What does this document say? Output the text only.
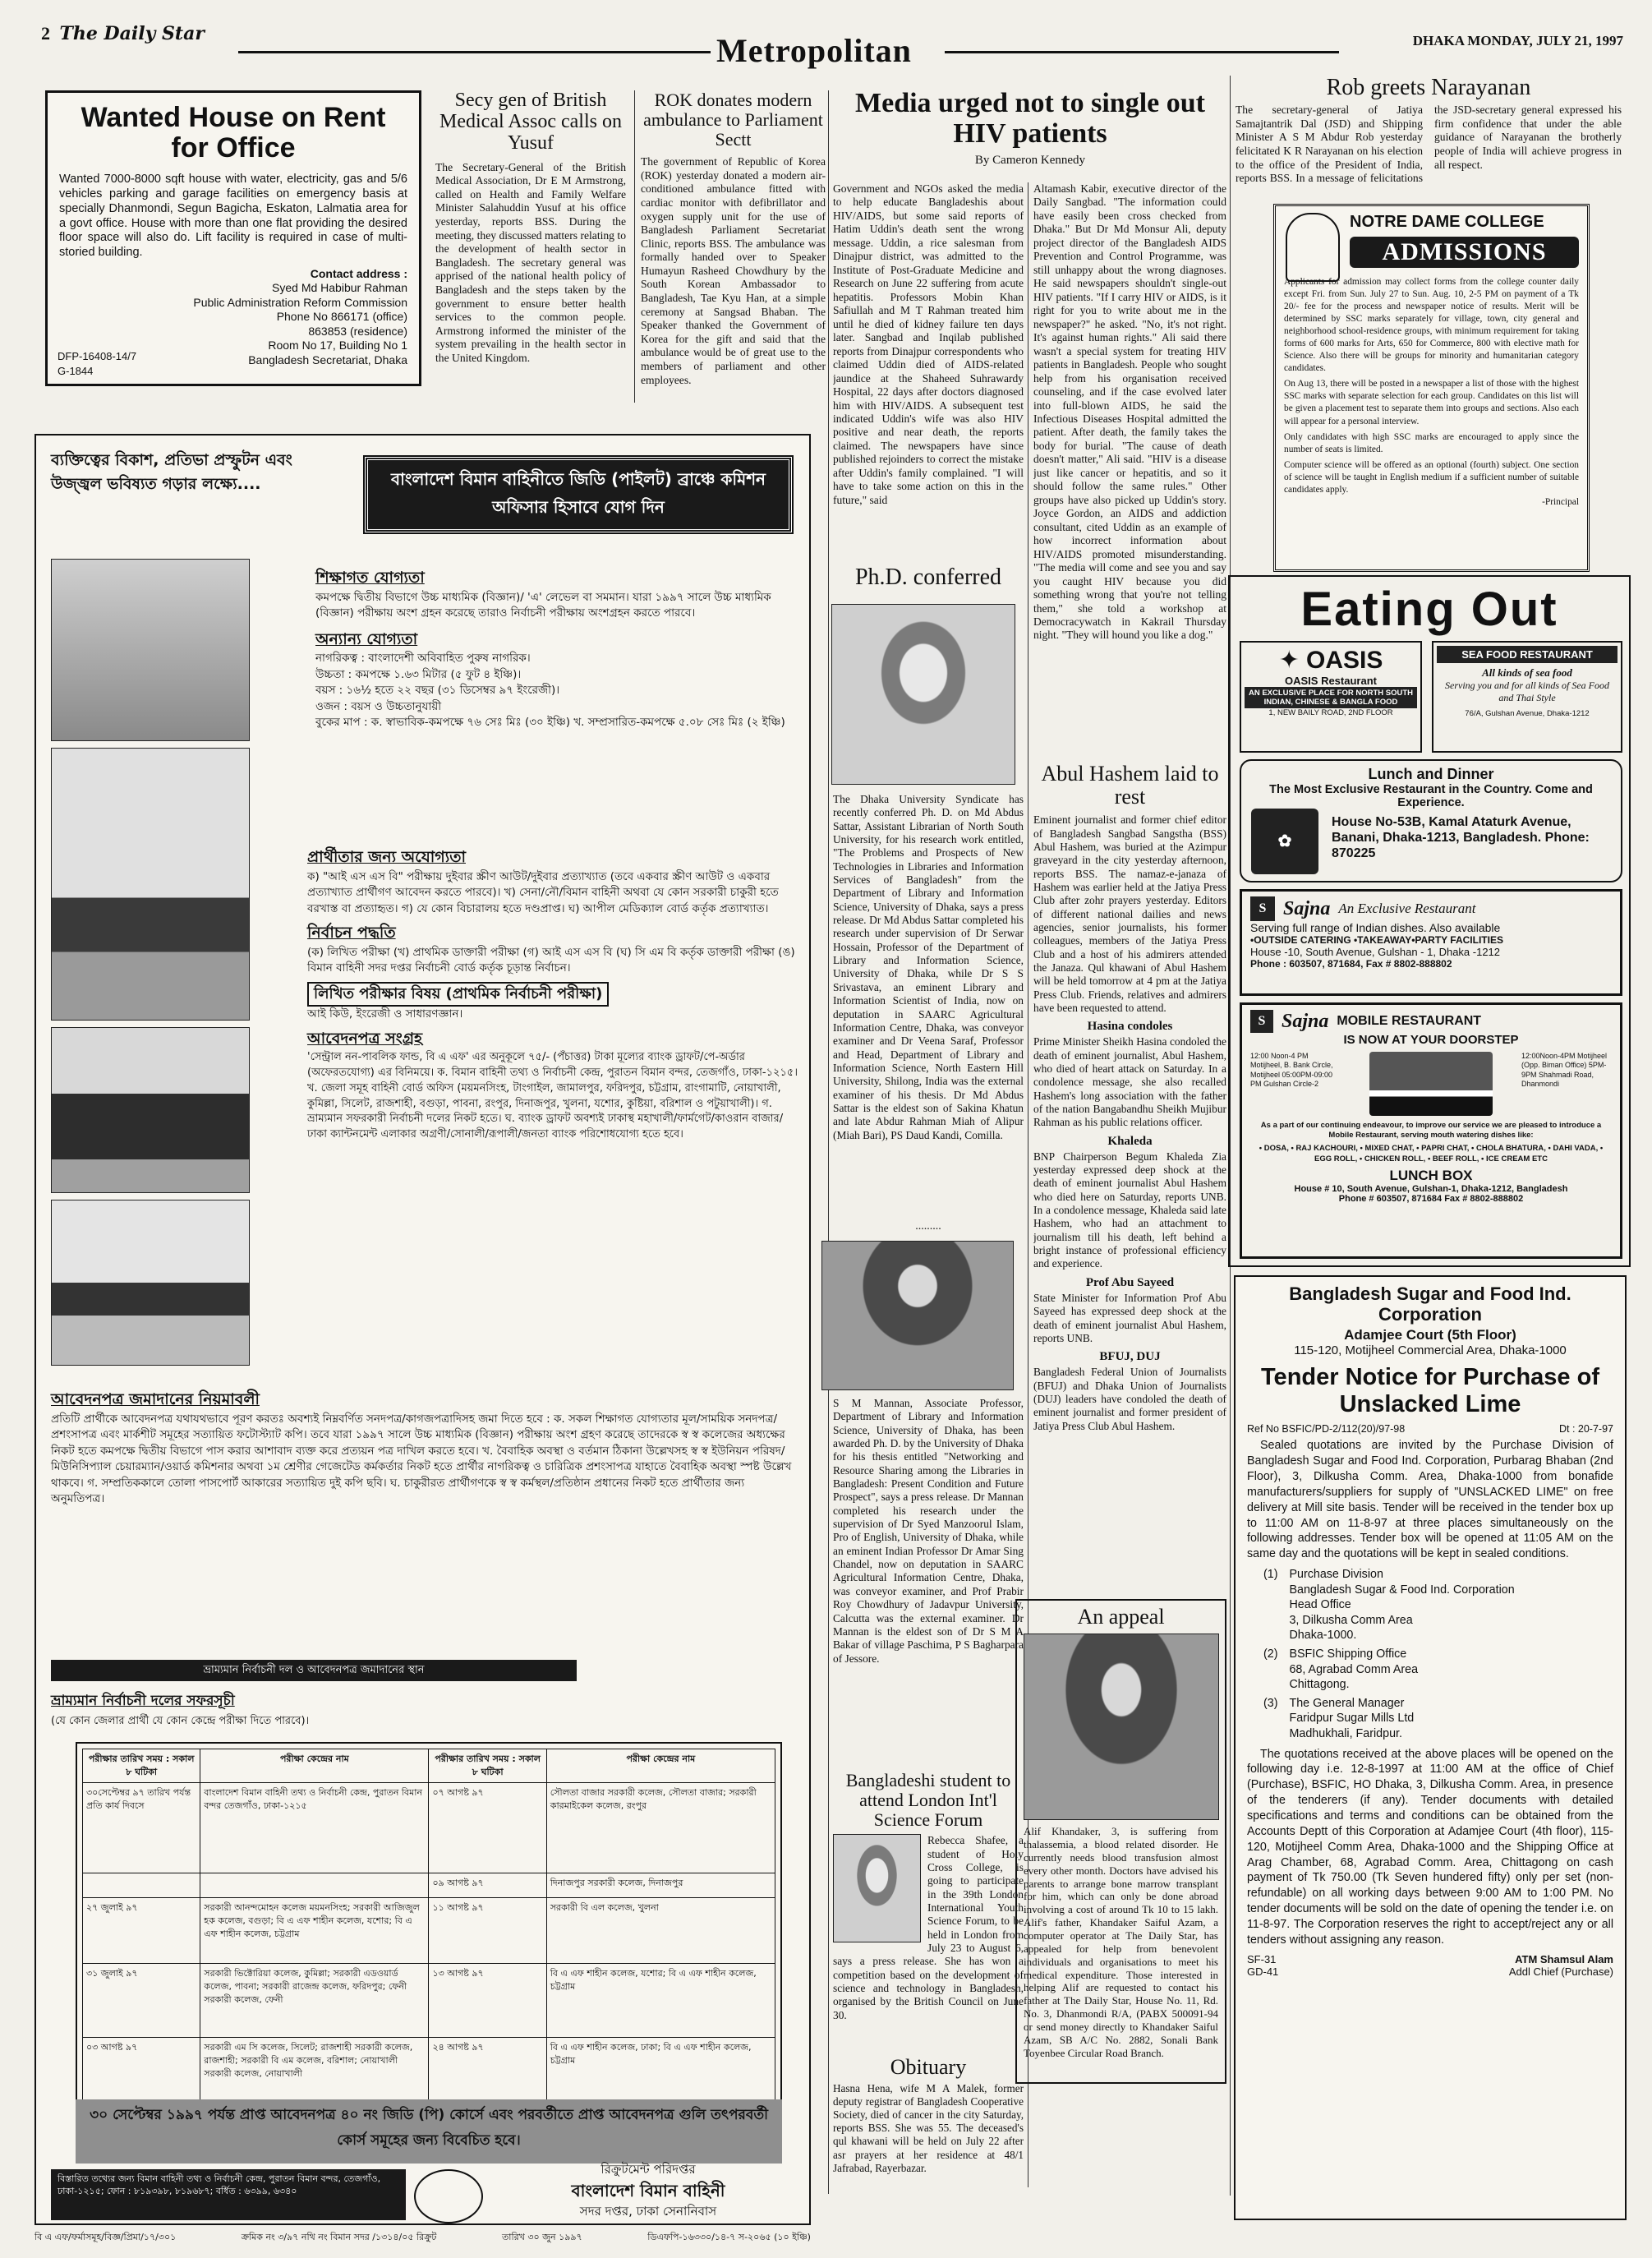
2 The Daily Star	Metropolitan	DHAKA MONDAY, JULY 21, 1997
Wanted House on Rent for Office
Wanted 7000-8000 sqft house with water, electricity, gas and 5/6 vehicles parking and garage facilities on emergency basis at specially Dhanmondi, Segun Bagicha, Eskaton, Lalmatia area for a govt office. House with more than one flat providing the desired floor space will also do. Lift facility is required in case of multi-storied building.
Contact address :
Syed Md Habibur Rahman
Public Administration Reform Commission
Phone No 866171 (office)
863853 (residence)
Room No 17, Building No 1
Bangladesh Secretariat, Dhaka
DFP-16408-14/7
G-1844
Secy gen of British Medical Assoc calls on Yusuf
The Secretary-General of the British Medical Association, Dr E M Armstrong, called on Health and Family Welfare Minister Salahuddin Yusuf at his office yesterday, reports BSS. During the meeting, they discussed matters relating to the development of health sector in Bangladesh. The secretary general was apprised of the national health policy of Bangladesh and the steps taken by the government to ensure better health services to the common people. Armstrong informed the minister of the system prevailing in the health sector in the United Kingdom.
ROK donates modern ambulance to Parliament Sectt
The government of Republic of Korea (ROK) yesterday donated a modern air-conditioned ambulance fitted with cardiac monitor with defibrillator and oxygen supply unit for the use of Bangladesh Parliament Secretariat Clinic, reports BSS. The ambulance was formally handed over to Speaker Humayun Rasheed Chowdhury by the South Korean Ambassador to Bangladesh, Tae Kyu Han, at a simple ceremony at Sangsad Bhaban. The Speaker thanked the Government of Korea for the gift and said that the ambulance would be of great use to the members of parliament and other employees.
Media urged not to single out HIV patients
By Cameron Kennedy
Government and NGOs asked the media to help educate Bangladeshis about HIV/AIDS, but some said reports of Hatim Uddin's death sent the wrong message. Uddin, a rice salesman from Dinajpur district, was admitted to the Institute of Post-Graduate Medicine and Research on June 22 suffering from acute hepatitis. Professors Mobin Khan Safiullah and M T Rahman treated him until he died of kidney failure ten days later. Sangbad and Inqilab published reports from Dinajpur correspondents who claimed Uddin died of AIDS-related jaundice at the Shaheed Suhrawardy Hospital, 22 days after doctors diagnosed him with HIV/AIDS. A subsequent test indicated Uddin's wife was also HIV positive and near death, the reports claimed. The newspapers have since published rejoinders to correct the mistake after Uddin's family complained. "I will have to take some action on this in the future," said
Altamash Kabir, executive director of the Daily Sangbad. "The information could have easily been cross checked from Dhaka." But Dr Md Monsur Ali, deputy project director of the Bangladesh AIDS Prevention and Control Programme, was still unhappy about the wrong diagnoses. He said newspapers shouldn't single-out HIV patients. "If I carry HIV or AIDS, is it right for you to write about me in the newspaper?" he asked. "No, it's not right. It's against human rights." Ali said there wasn't a special system for treating HIV patients in Bangladesh. People who sought help from his organisation received counseling, and if the case evolved later into full-blown AIDS, he said the Infectious Diseases Hospital admitted the patient. After death, the family takes the body for burial. "The cause of death doesn't matter," Ali said. "HIV is a disease just like cancer or hepatitis, and so it should follow the same rules." Other groups have also picked up Uddin's story. Joyce Gordon, an AIDS and addiction consultant, cited Uddin as an example of how incorrect information about HIV/AIDS promoted misunderstanding. "The media will come and see you and say you caught HIV because you did something wrong that you're not telling them," she told a workshop at Democracywatch in Kakrail Thursday night. "They will hound you like a dog."
Ph.D. conferred
The Dhaka University Syndicate has recently conferred Ph. D. on Md Abdus Sattar, Assistant Librarian of North South University, for his research work entitled, "The Problems and Prospects of New Technologies in Libraries and Information Services of Bangladesh" from the Department of Library and Information Science, University of Dhaka, says a press release. Dr Md Abdus Sattar completed his research under supervision of Dr Serwar Hossain, Professor of the Department of Library and Information Science, University of Dhaka, while Dr S S Srivastava, an eminent Library and Information Scientist of India, now on deputation in SAARC Agricultural Information Centre, Dhaka, was conveyor examiner and Dr Veena Saraf, Professor and Head, Department of Library and Information Science, North Eastern Hill University, Shilong, India was the external examiner of his thesis. Dr Md Abdus Sattar is the eldest son of Sakina Khatun and late Abdur Rahman Miah of Alipur (Miah Bari), PS Daud Kandi, Comilla.
.........
S M Mannan, Associate Professor, Department of Library and Information Science, University of Dhaka, has been awarded Ph. D. by the University of Dhaka for his thesis entitled "Networking and Resource Sharing among the Libraries in Bangladesh: Present Condition and Future Prospect", says a press release. Dr Mannan completed his research under the supervision of Dr Syed Manzoorul Islam, Pro of English, University of Dhaka, while an eminent Indian Professor Dr Amar Sing Chandel, now on deputation in SAARC Agricultural Information Centre, Dhaka, was conveyor examiner, and Prof Prabir Roy Chowdhury of Jadavpur University, Calcutta was the external examiner. Dr Mannan is the eldest son of Dr S M A Bakar of village Paschima, P S Bagharpara of Jessore.
Bangladeshi student to attend London Int'l Science Forum
Rebecca Shafee, a student of Holy Cross College, is going to participate in the 39th London International Youth Science Forum, to be held in London from July 23 to August 6, says a press release. She has won a competition based on the development of science and technology in Bangladesh, organised by the British Council on June 30.
Abul Hashem laid to rest
Eminent journalist and former chief editor of Bangladesh Sangbad Sangstha (BSS) Abul Hashem, was buried at the Azimpur graveyard in the city yesterday afternoon, reports BSS. The namaz-e-janaza of Hashem was earlier held at the Jatiya Press Club after zohr prayers yesterday. Editors of different national dailies and news agencies, senior journalists, his former colleagues, members of the Jatiya Press Club and a host of his admirers attended the Janaza. Qul khawani of Abul Hashem will be held tomorrow at 4 pm at the Jatiya Press Club. Friends, relatives and admirers have been requested to attend.
Hasina condoles
Prime Minister Sheikh Hasina condoled the death of eminent journalist, Abul Hashem, who died of heart attack on Saturday. In a condolence message, she also recalled Hashem's long association with the father of the nation Bangabandhu Sheikh Mujibur Rahman as his public relations officer.
Khaleda
BNP Chairperson Begum Khaleda Zia yesterday expressed deep shock at the death of eminent journalist Abul Hashem who died here on Saturday, reports UNB. In a condolence message, Khaleda said late Hashem, who had an attachment to journalism till his death, left behind a bright instance of professional efficiency and experience.
Prof Abu Sayeed
State Minister for Information Prof Abu Sayeed has expressed deep shock at the death of eminent journalist Abul Hashem, reports UNB.
BFUJ, DUJ
Bangladesh Federal Union of Journalists (BFUJ) and Dhaka Union of Journalists (DUJ) leaders have condoled the death of eminent journalist and former president of Jatiya Press Club Abul Hashem.
An appeal
Alif Khandaker, 3, is suffering from thalassemia, a blood related disorder. He currently needs blood transfusion almost every other month. Doctors have advised his parents to arrange bone marrow transplant for him, which can only be done abroad involving a cost of around Tk 10 to 15 lakh. Alif's father, Khandaker Saiful Azam, a computer operator at The Daily Star, has appealed for help from benevolent individuals and organisations to meet his medical expenditure. Those interested in helping Alif are requested to contact his father at The Daily Star, House No. 11, Rd. No. 3, Dhanmondi R/A, (PABX 500091-94 or send money directly to Khandaker Saiful Azam, SB A/C No. 2882, Sonali Bank Toyenbee Circular Road Branch.
Obituary
Hasna Hena, wife M A Malek, former deputy registrar of Bangladesh Cooperative Society, died of cancer in the city Saturday, reports BSS. She was 55. The deceased's qul khawani will be held on July 22 after asr prayers at her residence at 48/1 Jafrabad, Rayerbazar.
Rob greets Narayanan
The secretary-general of Jatiya Samajtantrik Dal (JSD) and Shipping Minister A S M Abdur Rob yesterday felicitated K R Narayanan on his election to the office of the President of India, reports BSS. In a message of felicitations the JSD-secretary general expressed his firm confidence that under the able guidance of Narayanan the brotherly people of India will achieve progress in all respect.
NOTRE DAME COLLEGE
ADMISSIONS

Applicants for admission may collect forms from the college counter daily except Fri. from Sun. July 27 to Sun. Aug. 10, 2-5 PM on payment of a Tk 20/- fee for the process and newspaper notice of results. Merit will be determined by SSC marks separately for village, town, city general and neighborhood school-residence groups, with minimum requirement for taking forms of 600 marks for Arts, 650 for Commerce, 800 with elective math for Science. Also there will be groups for minority and humanitarian category candidates.

On Aug 13, there will be posted in a newspaper a list of those with the highest SSC marks with separate selection for each group. Candidates on this list will be given a placement test to separate them into groups and sections. Also each will appear for a personal interview.

Only candidates with high SSC marks are encouraged to apply since the number of seats is limited.

Computer science will be offered as an optional (fourth) subject. One section of science will be taught in English medium if a sufficient number of suitable candidates apply.

-Principal
Eating Out
✦ OASIS
OASIS Restaurant
AN EXCLUSIVE PLACE FOR NORTH SOUTH INDIAN, CHINESE & BANGLA FOOD
1, NEW BAILY ROAD, 2ND FLOOR
SEA FOOD RESTAURANT
All kinds of sea food
Serving you and for all kinds of Sea Food and Thai Style
76/A, Gulshan Avenue, Dhaka-1212
Lunch and Dinner
The Most Exclusive Restaurant in the Country. Come and Experience.
✿
House No-53B, Kamal Ataturk Avenue, Banani, Dhaka-1213, Bangladesh. Phone: 870225
S Sajna An Exclusive Restaurant
Serving full range of Indian dishes. Also available
•OUTSIDE CATERING •TAKEAWAY•PARTY FACILITIES
House -10, South Avenue, Gulshan - 1, Dhaka -1212
Phone : 603507, 871684, Fax # 8802-888802
S Sajna MOBILE RESTAURANT
IS NOW AT YOUR DOORSTEP
12:00 Noon-4 PM Motijheel, B. Bank Circle, Motijheel 05:00PM-09:00 PM Gulshan Circle-2
12:00Noon-4PM Motijheel (Opp. Biman Office) 5PM-9PM Shahmadi Road, Dhanmondi
As a part of our continuing endeavour, to improve our service we are pleased to introduce a Mobile Restaurant, serving mouth watering dishes like:
• DOSA, • RAJ KACHOURI, • MIXED CHAT, • PAPRI CHAT, • CHOLA BHATURA, • DAHI VADA, • EGG ROLL, • CHICKEN ROLL, • BEEF ROLL, • ICE CREAM ETC
LUNCH BOX
House # 10, South Avenue, Gulshan-1, Dhaka-1212, Bangladesh
Phone # 603507, 871684 Fax # 8802-888802
Bangladesh Sugar and Food Ind. Corporation
Adamjee Court (5th Floor)
115-120, Motijheel Commercial Area, Dhaka-1000
Tender Notice for Purchase of Unslacked Lime
Ref No BSFIC/PD-2/112(20)/97-98	Dt : 20-7-97
Sealed quotations are invited by the Purchase Division of Bangladesh Sugar and Food Ind. Corporation, Purbarag Bhaban (2nd Floor), 3, Dilkusha Comm. Area, Dhaka-1000 from bonafide manufacturers/suppliers for supply of "UNSLACKED LIME" on free delivery at Mill site basis. Tender will be received in the tender box up to 11:00 AM on 11-8-97 at three places simultaneously on the following addresses. Tender box will be opened at 11:05 AM on the same day and the quotations will be kept in sealed conditions.
(1) Purchase Division
Bangladesh Sugar & Food Ind. Corporation
Head Office
3, Dilkusha Comm Area
Dhaka-1000.
(2) BSFIC Shipping Office
68, Agrabad Comm Area
Chittagong.
(3) The General Manager
Faridpur Sugar Mills Ltd
Madhukhali, Faridpur.
The quotations received at the above places will be opened on the following day i.e. 12-8-1997 at 11:00 AM at the office of Chief (Purchase), BSFIC, HO Dhaka, 3, Dilkusha Comm. Area, in presence of the tenderers (if any). Tender documents with detailed specifications and terms and conditions can be obtained from the Accounts Deptt of this Corporation at Adamjee Court (4th floor), 115-120, Motijheel Comm Area, Dhaka-1000 and the Shipping Office at Arag Chamber, 68, Agrabad Comm. Area, Chittagong on cash payment of Tk 750.00 (Tk Seven hundered fifty) only per set (non-refundable) on all working days between 9:00 AM to 1:00 PM. No tender documents will be sold on the date of opening the tender i.e. on 11-8-97. The Corporation reserves the right to accept/reject any or all tenders without assigning any reason.
SF-31
GD-41
ATM Shamsul Alam
Addl Chief (Purchase)
ব্যক্তিত্বের বিকাশ, প্রতিভা প্রস্ফুটন এবং উজ্জ্বল ভবিষ্যত গড়ার লক্ষ্যে....	বাংলাদেশ বিমান বাহিনীতে জিডি (পাইলট) ব্রাঞ্চে কমিশন অফিসার হিসাবে যোগ দিন
শিক্ষাগত যোগ্যতা
কমপক্ষে দ্বিতীয় বিভাগে উচ্চ মাধ্যমিক (বিজ্ঞান)/ 'এ' লেভেল বা সমমান। যারা ১৯৯৭ সালে উচ্চ মাধ্যমিক (বিজ্ঞান) পরীক্ষায় অংশ গ্রহন করেছে তারাও নির্বাচনী পরীক্ষায় অংশগ্রহন করতে পারবে।
অন্যান্য যোগ্যতা
নাগরিকত্ব : বাংলাদেশী অবিবাহিত পুরুষ নাগরিক।
উচ্চতা : কমপক্ষে ১.৬৩ মিটার (৫ ফুট ৪ ইঞ্চি)।
বয়স : ১৬½ হতে ২২ বছর (৩১ ডিসেম্বর ৯৭ ইংরেজী)।
ওজন : বয়স ও উচ্চতানুযায়ী
বুকের মাপ : ক. স্বাভাবিক-কমপক্ষে ৭৬ সেঃ মিঃ (৩০ ইঞ্চি) খ. সম্প্রসারিত-কমপক্ষে ৫.০৮ সেঃ মিঃ (২ ইঞ্চি)
প্রার্থীতার জন্য অযোগ্যতা
ক) "আই এস এস বি" পরীক্ষায় দুইবার স্ক্রীণ আউট/দুইবার প্রত্যাখ্যাত (তবে একবার স্ক্রীণ আউট ও একবার প্রত্যাখ্যাত প্রার্থীগণ আবেদন করতে পারবে)। খ) সেনা/নৌ/বিমান বাহিনী অথবা যে কোন সরকারী চাকুরী হতে বরখাস্ত বা প্রত্যাহৃত। গ) যে কোন বিচারালয় হতে দণ্ডপ্রাপ্ত। ঘ) আপীল মেডিক্যাল বোর্ড কর্তৃক প্রত্যাখ্যাত।
নির্বাচন পদ্ধতি
(ক) লিখিত পরীক্ষা (খ) প্রাথমিক ডাক্তারী পরীক্ষা (গ) আই এস এস বি (ঘ) সি এম বি কর্তৃক ডাক্তারী পরীক্ষা (ঙ) বিমান বাহিনী সদর দপ্তর নির্বাচনী বোর্ড কর্তৃক চূড়ান্ত নির্বাচন।
লিখিত পরীক্ষার বিষয় (প্রাথমিক নির্বাচনী পরীক্ষা)
আই কিউ, ইংরেজী ও সাধারণজ্ঞান।
আবেদনপত্র সংগ্রহ
'সেন্ট্রাল নন-পাবলিক ফান্ড, বি এ এফ' এর অনুকূলে ৭৫/- (পঁচাত্তর) টাকা মূল্যের ব্যাংক ড্রাফট/পে-অর্ডার (অফেরতযোগ্য) এর বিনিময়ে। ক. বিমান বাহিনী তথ্য ও নির্বাচনী কেন্দ্র, পুরাতন বিমান বন্দর, তেজগাঁও, ঢাকা-১২১৫। খ. জেলা সমূহ বাহিনী বোর্ড অফিস (ময়মনসিংহ, টাংগাইল, জামালপুর, ফরিদপুর, চট্টগ্রাম, রাংগামাটি, নোয়াখালী, কুমিল্লা, সিলেট, রাজশাহী, বগুড়া, পাবনা, রংপুর, দিনাজপুর, খুলনা, যশোর, কুষ্টিয়া, বরিশাল ও পটুয়াখালী)। গ. ভ্রাম্যমান সফরকারী নির্বাচনী দলের নিকট হতে। ঘ. ব্যাংক ড্রাফট অবশ্যই ঢাকাস্থ মহাখালী/ফার্মগেট/কাওরান বাজার/ ঢাকা ক্যান্টনমেন্ট এলাকার অগ্রণী/সোনালী/রূপালী/জনতা ব্যাংক পরিশোধযোগ্য হতে হবে।
আবেদনপত্র জমাদানের নিয়মাবলী
প্রতিটি প্রার্থীকে আবেদনপত্র যথাযথভাবে পূরণ করতঃ অবশ্যই নিম্নবর্ণিত সনদপত্র/কাগজপত্রাদিসহ জমা দিতে হবে : ক. সকল শিক্ষাগত যোগ্যতার মূল/সাময়িক সনদপত্র/প্রশংসাপত্র এবং মার্কশীট সমূহের সত্যায়িত ফটোস্ট্যাট কপি। তবে যারা ১৯৯৭ সালে উচ্চ মাধ্যমিক (বিজ্ঞান) পরীক্ষায় অংশ গ্রহণ করেছে তাদেরকে স্ব স্ব কলেজের অধ্যক্ষের নিকট হতে কমপক্ষে দ্বিতীয় বিভাগে পাস করার আশাবাদ ব্যক্ত করে প্রত্যয়ন পত্র দাখিল করতে হবে। খ. বৈবাহিক অবস্থা ও বর্তমান ঠিকানা উল্লেখসহ স্ব স্ব ইউনিয়ন পরিষদ/মিউনিসিপ্যাল চেয়ারম্যান/ওয়ার্ড কমিশনার অথবা ১ম শ্রেণীর গেজেটেড কর্মকর্তার নিকট হতে প্রার্থীর নাগরিকত্ব ও চারিত্রিক প্রশংসাপত্র যাহাতে বৈবাহিক অবস্থা স্পষ্ট উল্লেখ থাকবে। গ. সম্প্রতিককালে তোলা পাসপোর্ট আকারের সত্যায়িত দুই কপি ছবি। ঘ. চাকুরীরত প্রার্থীগণকে স্ব স্ব কর্মস্থল/প্রতিষ্ঠান প্রধানের নিকট হতে প্রার্থীতার জন্য অনুমতিপত্র।
ভ্রাম্যমান নির্বাচনী দল ও আবেদনপত্র জমাদানের স্থান
ভ্রাম্যমান নির্বাচনী দলের সফরসূচী
(যে কোন জেলার প্রার্থী যে কোন কেন্দ্রে পরীক্ষা দিতে পারবে)।
পরীক্ষার তারিখ সময় : সকাল ৮ ঘটিকা	পরীক্ষা কেন্দ্রের নাম	পরীক্ষার তারিখ সময় : সকাল ৮ ঘটিকা	পরীক্ষা কেন্দ্রের নাম
৩০সেপ্টেম্বর ৯৭ তারিখ পর্যন্ত প্রতি কার্য দিবসে	বাংলাদেশ বিমান বাহিনী তথ্য ও নির্বাচনী কেন্দ্র, পুরাতন বিমান বন্দর তেজগাঁও, ঢাকা-১২১৫	০৭ আগষ্ট ৯৭	সৌলতা বাজার সরকারী কলেজ, সৌলতা বাজার; সরকারী কারমাইকেল কলেজ, রংপুর
		০৯ আগষ্ট ৯৭	দিনাজপুর সরকারী কলেজ, দিনাজপুর
২৭ জুলাই ৯৭	সরকারী আনন্দমোহন কলেজ ময়মনসিংহ; সরকারী আজিজুল হক কলেজ, বগুড়া; বি এ এফ শাহীন কলেজ, যশোর; বি এ এফ শাহীন কলেজ, চট্টগ্রাম	১১ আগষ্ট ৯৭	সরকারী বি এল কলেজ, খুলনা
৩১ জুলাই ৯৭	সরকারী ভিক্টোরিয়া কলেজ, কুমিল্লা; সরকারী এডওয়ার্ড কলেজ, পাবনা; সরকারী রাজেন্দ্র কলেজ, ফরিদপুর; ফেনী সরকারী কলেজ, ফেনী	১৩ আগষ্ট ৯৭	বি এ এফ শাহীন কলেজ, যশোর; বি এ এফ শাহীন কলেজ, চট্টগ্রাম
০৩ আগষ্ট ৯৭	সরকারী এম সি কলেজ, সিলেট; রাজশাহী সরকারী কলেজ, রাজশাহী; সরকারী বি এম কলেজ, বরিশাল; নোয়াখালী সরকারী কলেজ, নোয়াখালী	২৪ আগষ্ট ৯৭	বি এ এফ শাহীন কলেজ, ঢাকা; বি এ এফ শাহীন কলেজ, চট্টগ্রাম
৩০ সেপ্টেম্বর ১৯৯৭ পর্যন্ত প্রাপ্ত আবেদনপত্র ৪০ নং জিডি (পি) কোর্সে এবং পরবর্তীতে প্রাপ্ত আবেদনপত্র গুলি তৎপরবর্তী কোর্স সমূহের জন্য বিবেচিত হবে।
বিস্তারিত তথ্যের জন্য বিমান বাহিনী তথ্য ও নির্বাচনী কেন্দ্র, পুরাতন বিমান বন্দর, তেজগাঁও, ঢাকা-১২১৫; ফোন : ৮১৯৩৯৮, ৮১৯৬৮৭; বর্ধিত : ৬৩৯৯, ৬৩৪০
রিক্রুটমেন্ট পরিদপ্তর
বাংলাদেশ বিমান বাহিনী
সদর দপ্তর, ঢাকা সেনানিবাস
বি এ এফ/ফর্মাসমূহ/বিজ্ঞ/প্রিমা/১৭/৩০১	ক্রমিক নং ৩/৯৭ নথি নং বিমান সদর /১৩১৪/০৫ রিক্রুট	তারিখ ৩০ জুন ১৯৯৭	ডিএফপি-১৬৩৩০/১৪-৭ স-২০৬৫ (১০ ইঞ্চি)
